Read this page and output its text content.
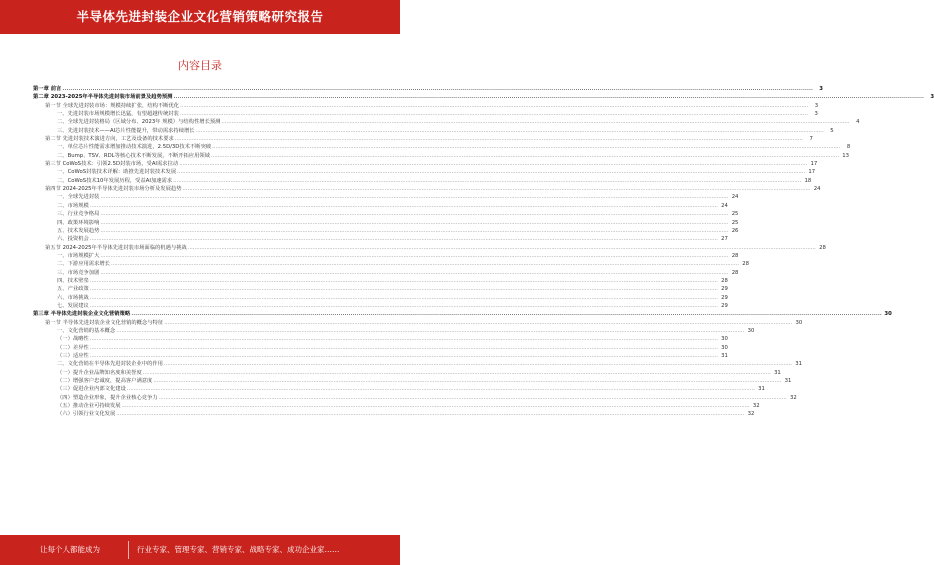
半导体先进封装企业文化营销策略研究报告
内容目录
第一章 前言 .....	3
第二章 2023-2025年半导体先进封装市场前景及趋势预测 .....	3
第一节 全球先进封装市场：规模持续扩张，结构不断优化 .....	3
一、先进封装市场规模增长迅猛，有望超越传统封装 .....	3
二、全球先进封装格局（区域分布、2023年 规模）与结构性增长预测 .....	4
三、先进封装技术——AI芯片性能提升，带动需求持续增长 .....	5
第二节 先进封装技术演进方向，工艺及设备的技术要求 .....	7
一、单位芯片性能需求增加推动技术演进，2.5D/3D技术不断突破 .....	8
二、Bump、TSV、RDL等核心技术不断发展，不断开拓应用领域 .....	13
第三节 CoWoS技术：引领2.5D封装市场，受AI需求拉动 .....	17
一、CoWoS封装技术详解：助推先进封装技术发展 .....	17
二、CoWoS技术10年发展历程，受益AI加速需求 .....	18
第四节 2024-2025年半导体先进封装市场分析及发展趋势 .....	24
一、全球先进封装 .....	24
二、市场规模 .....	24
三、行业竞争格局 .....	25
四、政策环境影响 .....	25
五、技术发展趋势 .....	26
六、投资机会 .....	27
第五节 2024-2025年半导体先进封装市场面临的机遇与挑战 .....	28
一、市场规模扩大 .....	28
二、下游应用需求增长 .....	28
三、市场竞争加剧 .....	28
四、技术壁垒 .....	28
五、产业政策 .....	29
六、市场挑战 .....	29
七、发展建议 .....	29
第三章 半导体先进封装企业文化营销策略 .....	30
第一节 半导体先进封装企业文化营销的概念与特征 .....	30
一、文化营销的基本概念 .....	30
（一）战略性 .....	30
（二）差异性 .....	30
（三）适应性 .....	31
二、文化营销在半导体先进封装企业中的作用 .....	31
（一）提升企业品牌知名度和美誉度 .....	31
（二）增强客户忠诚度，提高客户满意度 .....	31
（三）促进企业内部文化建设 .....	31
（四）塑造企业形象，提升企业核心竞争力 .....	32
（五）推动企业可持续发展 .....	32
（六）引领行业文化发展 .....	32
让每个人都能成为	行业专家、管理专家、营销专家、战略专家、成功企业家……
